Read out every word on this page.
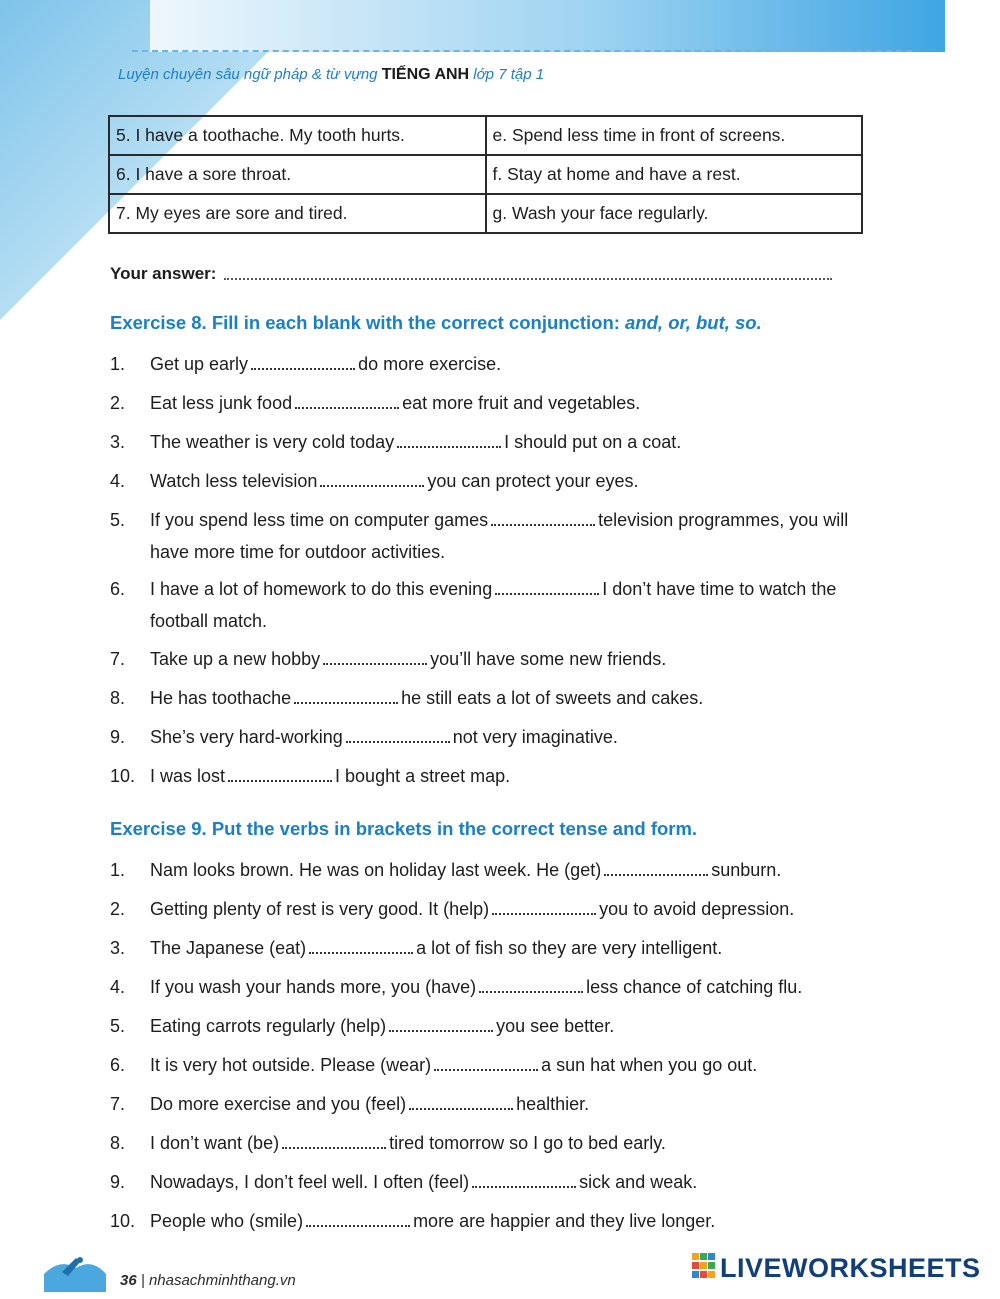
Luyện chuyên sâu ngữ pháp & từ vựng TIẾNG ANH lớp 7 tập 1
5. I have a toothache. My tooth hurts.	e. Spend less time in front of screens.
6. I have a sore throat.	f. Stay at home and have a rest.
7. My eyes are sore and tired.	g. Wash your face regularly.
Your answer:
Exercise 8. Fill in each blank with the correct conjunction: and, or, but, so.
1.	Get up early	do more exercise.
2.	Eat less junk food	eat more fruit and vegetables.
3.	The weather is very cold today	I should put on a coat.
4.	Watch less television	you can protect your eyes.
5.	If you spend less time on computer games	television programmes, you will have more time for outdoor activities.
6.	I have a lot of homework to do this evening	I don’t have time to watch the football match.
7.	Take up a new hobby	you’ll have some new friends.
8.	He has toothache	he still eats a lot of sweets and cakes.
9.	She’s very hard-working	not very imaginative.
10. I was lost	I bought a street map.
Exercise 9. Put the verbs in brackets in the correct tense and form.
1.	Nam looks brown. He was on holiday last week. He (get)	sunburn.
2.	Getting plenty of rest is very good. It (help)	you to avoid depression.
3.	The Japanese (eat)	a lot of fish so they are very intelligent.
4.	If you wash your hands more, you (have)	less chance of catching flu.
5.	Eating carrots regularly (help)	you see better.
6.	It is very hot outside. Please (wear)	a sun hat when you go out.
7.	Do more exercise and you (feel)	healthier.
8.	I don’t want (be)	tired tomorrow so I go to bed early.
9.	Nowadays, I don’t feel well. I often (feel)	sick and weak.
10. People who (smile)	more are happier and they live longer.
36 | nhasachminhthang.vn	LIVEWORKSHEETS
